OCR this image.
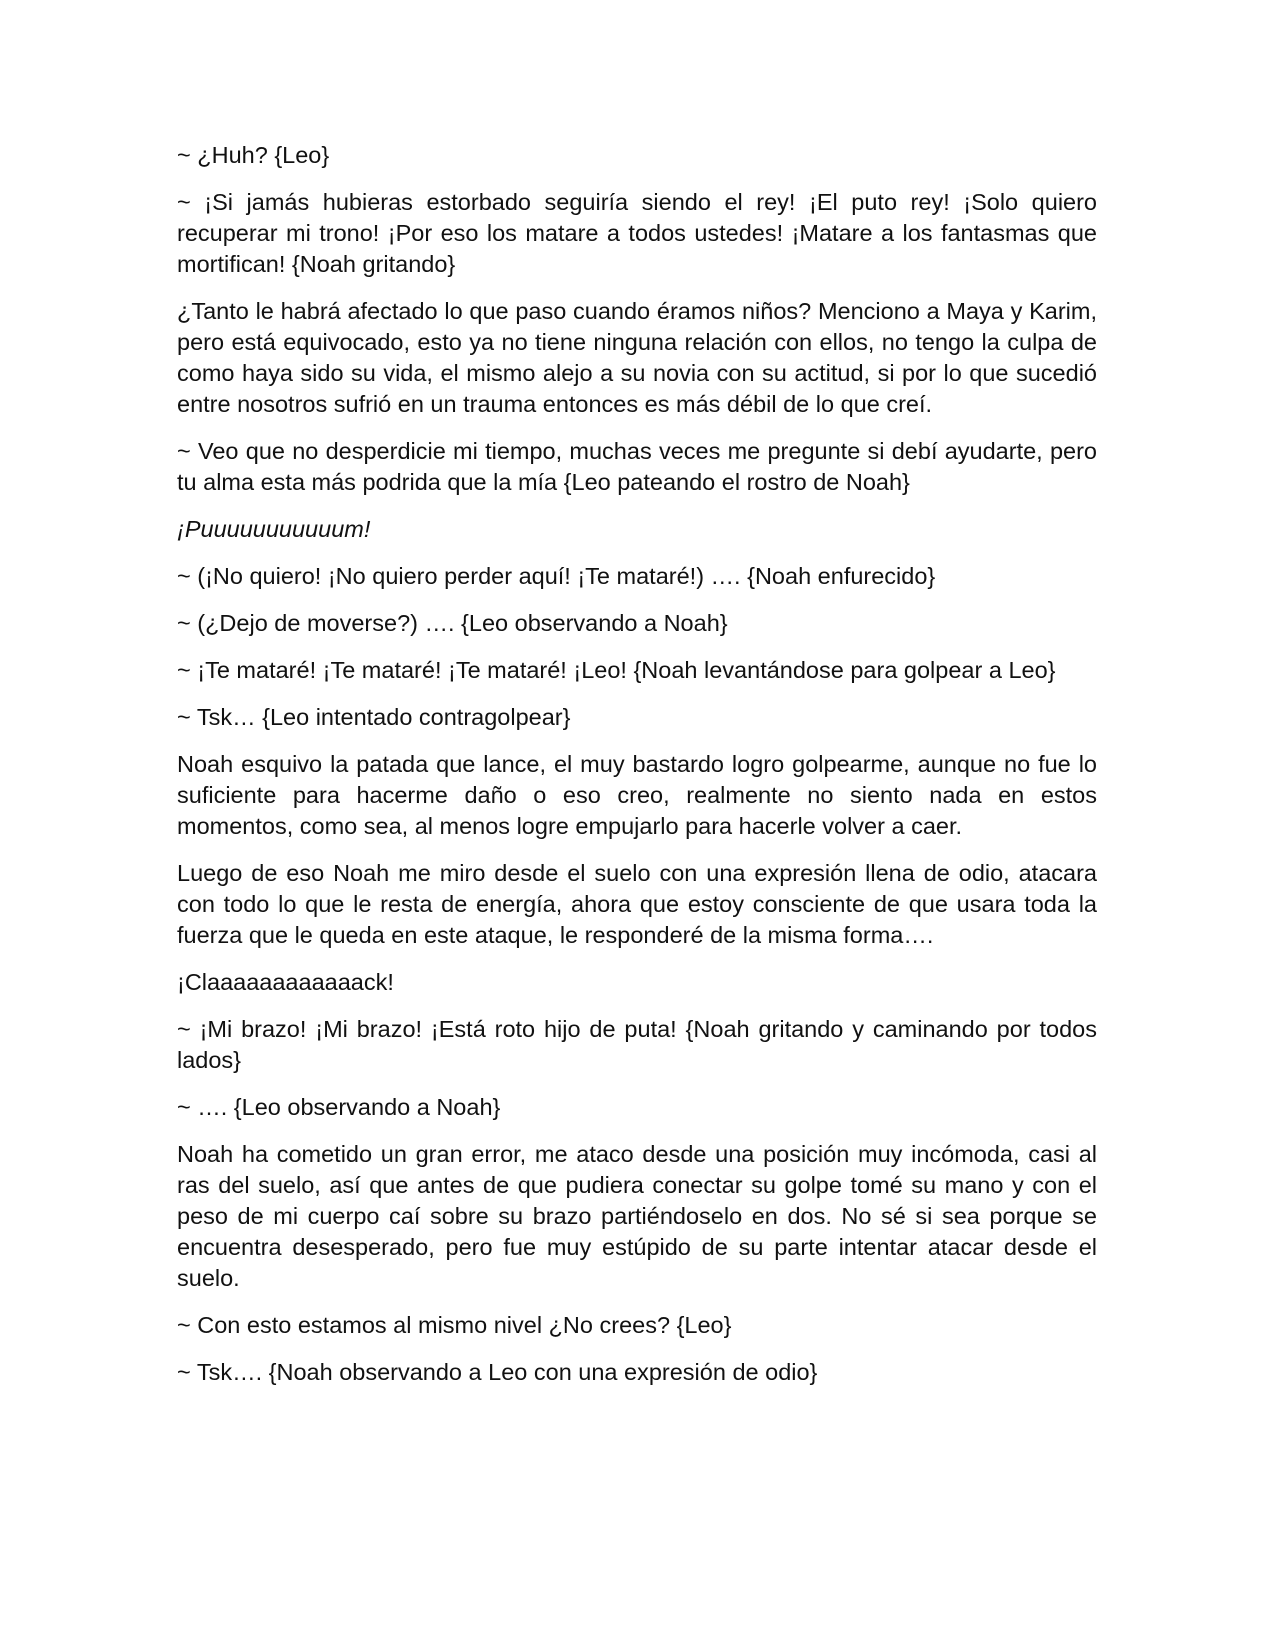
~ ¿Huh? {Leo}

~ ¡Si jamás hubieras estorbado seguiría siendo el rey! ¡El puto rey! ¡Solo quiero recuperar mi trono! ¡Por eso los matare a todos ustedes! ¡Matare a los fantasmas que mortifican! {Noah gritando}

¿Tanto le habrá afectado lo que paso cuando éramos niños? Menciono a Maya y Karim, pero está equivocado, esto ya no tiene ninguna relación con ellos, no tengo la culpa de como haya sido su vida, el mismo alejo a su novia con su actitud, si por lo que sucedió entre nosotros sufrió en un trauma entonces es más débil de lo que creí.

~ Veo que no desperdicie mi tiempo, muchas veces me pregunte si debí ayudarte, pero tu alma esta más podrida que la mía {Leo pateando el rostro de Noah}

¡Puuuuuuuuuuum!

~ (¡No quiero! ¡No quiero perder aquí! ¡Te mataré!) …. {Noah enfurecido}

~ (¿Dejo de moverse?) …. {Leo observando a Noah}

~ ¡Te mataré! ¡Te mataré! ¡Te mataré! ¡Leo! {Noah levantándose para golpear a Leo}

~ Tsk… {Leo intentado contragolpear}

Noah esquivo la patada que lance, el muy bastardo logro golpearme, aunque no fue lo suficiente para hacerme daño o eso creo, realmente no siento nada en estos momentos, como sea, al menos logre empujarlo para hacerle volver a caer.

Luego de eso Noah me miro desde el suelo con una expresión llena de odio, atacara con todo lo que le resta de energía, ahora que estoy consciente de que usara toda la fuerza que le queda en este ataque, le responderé de la misma forma….

¡Claaaaaaaaaaaack!

~ ¡Mi brazo! ¡Mi brazo! ¡Está roto hijo de puta! {Noah gritando y caminando por todos lados}

~ …. {Leo observando a Noah}

Noah ha cometido un gran error, me ataco desde una posición muy incómoda, casi al ras del suelo, así que antes de que pudiera conectar su golpe tomé su mano y con el peso de mi cuerpo caí sobre su brazo partiéndoselo en dos. No sé si sea porque se encuentra desesperado, pero fue muy estúpido de su parte intentar atacar desde el suelo.

~ Con esto estamos al mismo nivel ¿No crees? {Leo}

~ Tsk…. {Noah observando a Leo con una expresión de odio}
